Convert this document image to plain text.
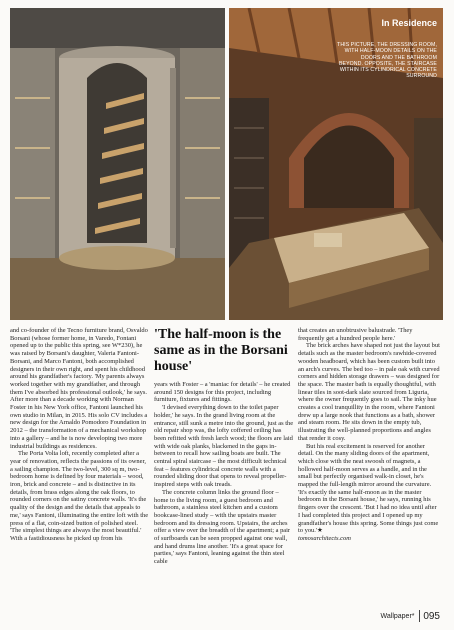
In Residence
THIS PICTURE, THE DRESSING ROOM, WITH HALF-MOON DETAILS ON THE DOORS AND THE BATHROOM BEYOND. OPPOSITE, THE STAIRCASE WITHIN ITS CYLINDRICAL CONCRETE SURROUND

and co-founder of the Tecno furniture brand, Osvaldo Borsani (whose former home, in Varedo, Fontani opened up to the public this spring, see W*230), he was raised by Borsani's daughter, Valeria Fantoni-Borsani, and Marco Fantoni, both accomplished designers in their own right, and spent his childhood around his grandfather's factory. 'My parents always worked together with my grandfather, and through them I've absorbed his professional outlook,' he says. After more than a decade working with Norman Foster in his New York office, Fantoni launched his own studio in Milan, in 2015. His solo CV includes a new design for the Arnaldo Pomodoro Foundation in 2012 – the transformation of a mechanical workshop into a gallery – and he is now developing two more industrial buildings as residences.

The Porta Volta loft, recently completed after a year of renovation, reflects the passions of its owner, a sailing champion. The two-level, 300 sq m, two-bedroom home is defined by four materials – wood, iron, brick and concrete – and is distinctive in its details, from brass edges along the oak floors, to rounded corners on the satiny concrete walls. 'It's the quality of the design and the details that appeals to me,' says Fantoni, illuminating the entire loft with the press of a flat, coin-sized button of polished steel. 'The simplest things are always the most beautiful.' With a fastidiousness he picked up from his

'The half-moon is the same as in the Borsani house'

years with Foster – a 'maniac for details' – he created around 150 designs for this project, including furniture, fixtures and fittings.

'I devised everything down to the toilet paper holder,' he says. In the grand living room at the entrance, still sunk a metre into the ground, just as the old repair shop was, the lofty coffered ceiling has been refitted with fresh larch wood; the floors are laid with wide oak planks, blackened in the gaps in-between to recall how sailing boats are built. The central spiral staircase – the most difficult technical feat – features cylindrical concrete walls with a rounded sliding door that opens to reveal propeller-inspired steps with oak treads.

The concrete column links the ground floor – home to the living room, a guest bedroom and bathroom, a stainless steel kitchen and a custom bookcase-lined study – with the upstairs master bedroom and its dressing room. Upstairs, the arches offer a view over the breadth of the apartment; a pair of surfboards can be seen propped against one wall, and hand drums line another. 'It's a great space for parties,' says Fantoni, leaning against the thin steel cable

that creates an unobtrusive balustrade. 'They frequently get a hundred people here.'

The brick arches have shaped not just the layout but details such as the master bedroom's rawhide-covered wooden headboard, which has been custom built into an arch's curves. The bed too – in pale oak with curved corners and hidden storage drawers – was designed for the space. The master bath is equally thoughtful, with linear tiles in soot-dark slate sourced from Liguria, where the owner frequently goes to sail. The inky hue creates a cool tranquillity in the room, where Fantoni drew up a large nook that functions as a bath, shower and steam room. He sits down in the empty tub, illustrating the well-planned proportions and angles that render it cosy.

But his real excitement is reserved for another detail. On the many sliding doors of the apartment, which close with the neat swoosh of magnets, a hollowed half-moon serves as a handle, and in the small but perfectly organised walk-in closet, he's mapped the full-length mirror around the curvature. 'It's exactly the same half-moon as in the master bedroom in the Borsani house,' he says, running his fingers over the crescent. 'But I had no idea until after I had completed this project and I opened up my grandfather's house this spring. Some things just come to you.'★

tomosarchitects.com

Wallpaper* 095
